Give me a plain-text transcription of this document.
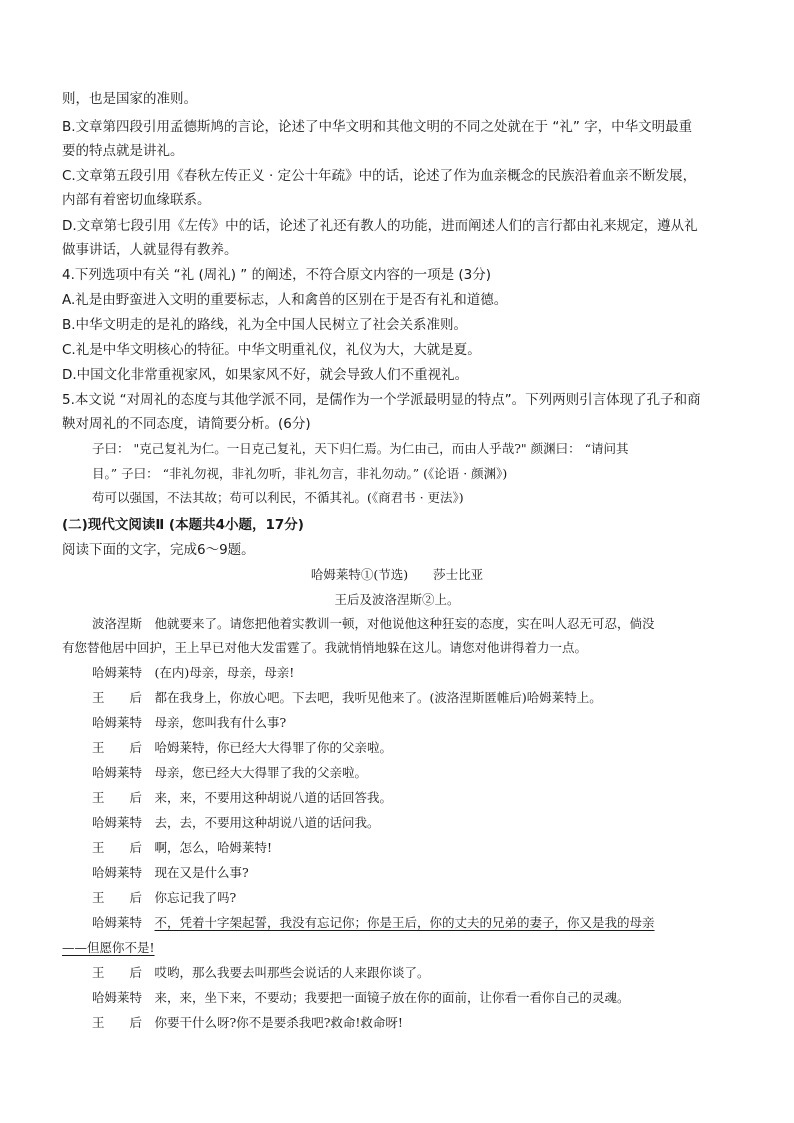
则，也是国家的准则。
B.文章第四段引用孟德斯鸠的言论，论述了中华文明和其他文明的不同之处就在于 “礼” 字，中华文明最重
要的特点就是讲礼。
C.文章第五段引用《春秋左传正义 · 定公十年疏》中的话，论述了作为血亲概念的民族沿着血亲不断发展，
内部有着密切血缘联系。
D.文章第七段引用《左传》中的话，论述了礼还有教人的功能，进而阐述人们的言行都由礼来规定，遵从礼
做事讲话，人就显得有教养。
4.下列选项中有关 “礼 (周礼) ” 的阐述，不符合原文内容的一项是 (3分)
A.礼是由野蛮进入文明的重要标志，人和禽兽的区别在于是否有礼和道德。
B.中华文明走的是礼的路线，礼为全中国人民树立了社会关系准则。
C.礼是中华文明核心的特征。中华文明重礼仪，礼仪为大，大就是夏。
D.中国文化非常重视家风，如果家风不好，就会导致人们不重视礼。
5.本文说 “对周礼的态度与其他学派不同，是儒作为一个学派最明显的特点”。下列两则引言体现了孔子和商
鞅对周礼的不同态度，请简要分析。(6分)
子曰： "克己复礼为仁。一日克己复礼，天下归仁焉。为仁由己，而由人乎哉?" 颜渊曰： “请问其
目。” 子曰： “非礼勿视，非礼勿听，非礼勿言，非礼勿动。” (《论语 · 颜渊》)
苟可以强国，不法其故；苟可以利民，不循其礼。(《商君书 · 更法》)
(二)现代文阅读Ⅱ (本题共4小题，17分)
阅读下面的文字，完成6～9题。
哈姆莱特①(节选)　　莎士比亚
王后及波洛涅斯②上。
波洛涅斯　他就要来了。请您把他着实教训一顿，对他说他这种狂妄的态度，实在叫人忍无可忍，倘没
有您替他居中回护，王上早已对他大发雷霆了。我就悄悄地躲在这儿。请您对他讲得着力一点。
哈姆莱特　(在内)母亲，母亲，母亲!
王　　后　都在我身上，你放心吧。下去吧，我听见他来了。(波洛涅斯匿帷后)哈姆莱特上。
哈姆莱特　母亲，您叫我有什么事?
王　　后　哈姆莱特，你已经大大得罪了你的父亲啦。
哈姆莱特　母亲，您已经大大得罪了我的父亲啦。
王　　后　来，来，不要用这种胡说八道的话回答我。
哈姆莱特　去，去，不要用这种胡说八道的话问我。
王　　后　啊，怎么，哈姆莱特!
哈姆莱特　现在又是什么事?
王　　后　你忘记我了吗?
哈姆莱特　不，凭着十字架起誓，我没有忘记你；你是王后，你的丈夫的兄弟的妻子，你又是我的母亲
——但愿你不是!
王　　后　哎哟，那么我要去叫那些会说话的人来跟你谈了。
哈姆莱特　来，来，坐下来，不要动；我要把一面镜子放在你的面前，让你看一看你自己的灵魂。
王　　后　你要干什么呀?你不是要杀我吧?救命!救命呀!
